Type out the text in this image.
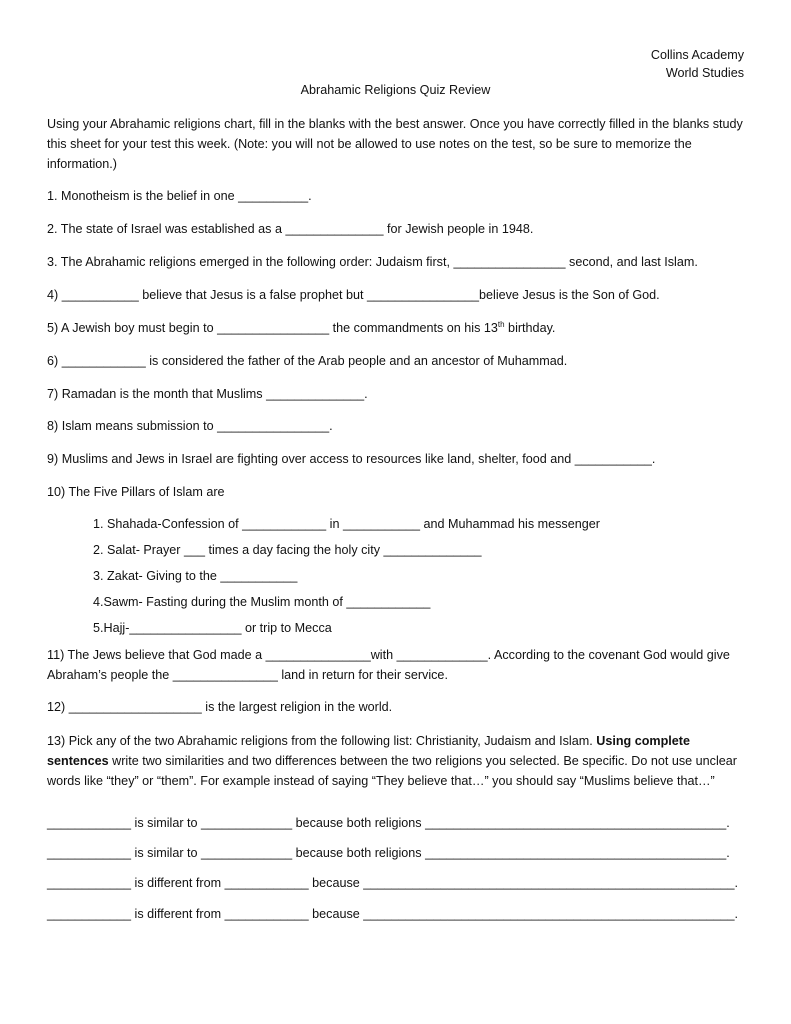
Collins Academy
World Studies
Abrahamic Religions Quiz Review
Using your Abrahamic religions chart, fill in the blanks with the best answer. Once you have correctly filled in the blanks study this sheet for your test this week. (Note: you will not be allowed to use notes on the test, so be sure to memorize the information.)
1. Monotheism is the belief in one __________.
2. The state of Israel was established as a ______________ for Jewish people in 1948.
3. The Abrahamic religions emerged in the following order: Judaism first, ________________ second, and last Islam.
4) ___________ believe that Jesus is a false prophet but ________________believe Jesus is the Son of God.
5) A Jewish boy must begin to ________________ the commandments on his 13th birthday.
6) ____________ is considered the father of the Arab people and an ancestor of Muhammad.
7) Ramadan is the month that Muslims ______________.
8) Islam means submission to ________________.
9) Muslims and Jews in Israel are fighting over access to resources like land, shelter, food and ___________.
10) The Five Pillars of Islam are
1. Shahada-Confession of ____________ in ___________ and Muhammad his messenger
2. Salat- Prayer ___ times a day facing the holy city ______________
3. Zakat- Giving to the ___________
4.Sawm- Fasting during the Muslim month of ____________
5.Hajj-________________ or trip to Mecca
11) The Jews believe that God made a _______________with _____________. According to the covenant God would give Abraham’s people the _______________ land in return for their service.
12) ___________________ is the largest religion in the world.
13) Pick any of the two Abrahamic religions from the following list: Christianity, Judaism and Islam. Using complete sentences write two similarities and two differences between the two religions you selected. Be specific. Do not use unclear words like “they” or “them”. For example instead of saying “They believe that…” you should say “Muslims believe that…”
____________ is similar to _____________ because both religions ___________________________________________.
____________ is similar to _____________ because both religions ___________________________________________.
____________ is different from ____________ because _____________________________________________________.
____________ is different from ____________ because _____________________________________________________.
